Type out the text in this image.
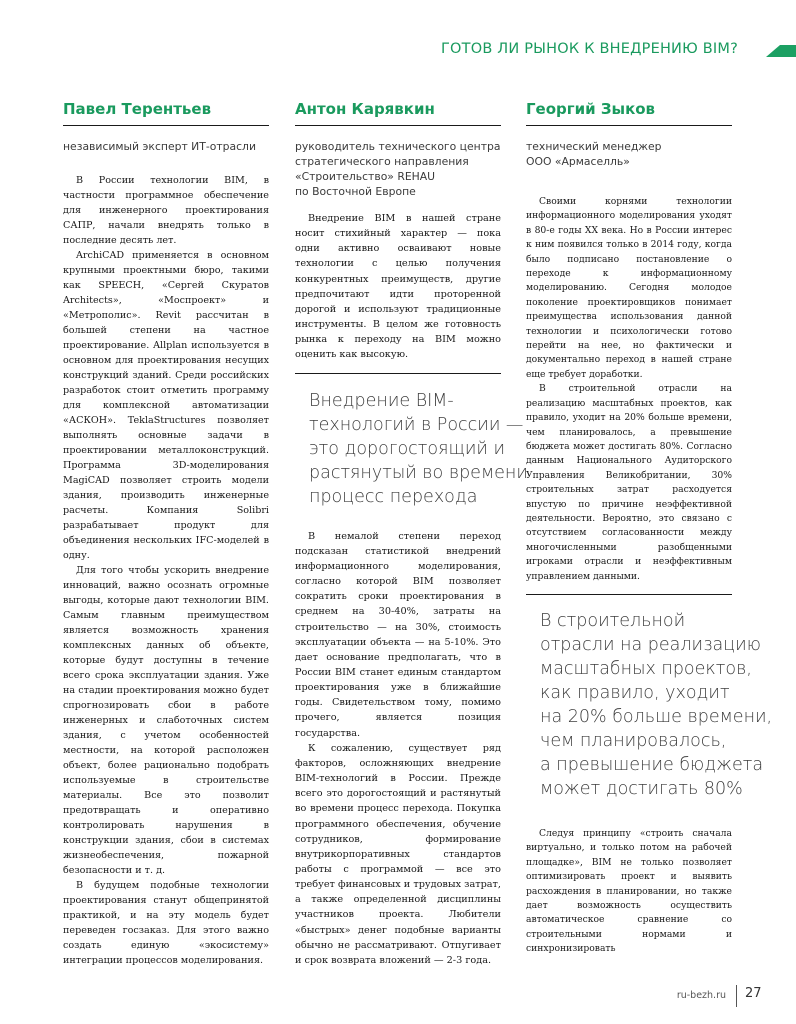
ГОТОВ ЛИ РЫНОК К ВНЕДРЕНИЮ BIM?
Павел Терентьев
независимый эксперт ИТ-отрасли

В России технологии BIM, в частности программное обеспечение для инженерного проектирования САПР, начали внедрять только в последние десять лет.

ArchiCAD применяется в основном крупными проектными бюро, такими как SPEECH, «Сергей Скуратов Architects», «Моспроект» и «Метрополис». Revit рассчитан в большей степени на частное проектирование. Allplan используется в основном для проектирования несущих конструкций зданий. Среди российских разработок стоит отметить программу для комплексной автоматизации «АСКОН». TeklaStructures позволяет выполнять основные задачи в проектировании металлоконструкций. Программа 3D-моделирования MagiCAD позволяет строить модели здания, производить инженерные расчеты. Компания Solibri разрабатывает продукт для объединения нескольких IFC-моделей в одну.

Для того чтобы ускорить внедрение инноваций, важно осознать огромные выгоды, которые дают технологии BIM. Самым главным преимуществом является возможность хранения комплексных данных об объекте, которые будут доступны в течение всего срока эксплуатации здания. Уже на стадии проектирования можно будет спрогнозировать сбои в работе инженерных и слаботочных систем здания, с учетом особенностей местности, на которой расположен объект, более рационально подобрать используемые в строительстве материалы. Все это позволит предотвращать и оперативно контролировать нарушения в конструкции здания, сбои в системах жизнеобеспечения, пожарной безопасности и т. д.

В будущем подобные технологии проектирования станут общепринятой практикой, и на эту модель будет переведен госзаказ. Для этого важно создать единую «экосистему» интеграции процессов моделирования.

Антон Карявкин
руководитель технического центра
стратегического направления
«Строительство» REHAU
по Восточной Европе

Внедрение BIM в нашей стране носит стихийный характер — пока одни активно осваивают новые технологии с целью получения конкурентных преимуществ, другие предпочитают идти проторенной дорогой и используют традиционные инструменты. В целом же готовность рынка к переходу на BIM можно оценить как высокую.

Внедрение BIM-
технологий в России —
это дорогостоящий и
растянутый во времени
процесс перехода

В немалой степени переход подсказан статистикой внедрений информационного моделирования, согласно которой BIM позволяет сократить сроки проектирования в среднем на 30-40%, затраты на строительство — на 30%, стоимость эксплуатации объекта — на 5-10%. Это дает основание предполагать, что в России BIM станет единым стандартом проектирования уже в ближайшие годы. Свидетельством тому, помимо прочего, является позиция государства.

К сожалению, существует ряд факторов, осложняющих внедрение BIM-технологий в России. Прежде всего это дорогостоящий и растянутый во времени процесс перехода. Покупка программного обеспечения, обучение сотрудников, формирование внутрикорпоративных стандартов работы с программой — все это требует финансовых и трудовых затрат, а также определенной дисциплины участников проекта. Любители «быстрых» денег подобные варианты обычно не рассматривают. Отпугивает и срок возврата вложений — 2-3 года.

Георгий Зыков
технический менеджер
ООО «Армаселль»

Своими корнями технологии информационного моделирования уходят в 80-е годы XX века. Но в России интерес к ним появился только в 2014 году, когда было подписано постановление о переходе к информационному моделированию. Сегодня молодое поколение проектировщиков понимает преимущества использования данной технологии и психологически готово перейти на нее, но фактически и документально переход в нашей стране еще требует доработки.

В строительной отрасли на реализацию масштабных проектов, как правило, уходит на 20% больше времени, чем планировалось, а превышение бюджета может достигать 80%. Согласно данным Национального Аудиторского Управления Великобритании, 30% строительных затрат расходуется впустую по причине неэффективной деятельности. Вероятно, это связано с отсутствием согласованности между многочисленными разобщенными игроками отрасли и неэффективным управлением данными.

В строительной
отрасли на реализацию
масштабных проектов,
как правило, уходит
на 20% больше времени,
чем планировалось,
а превышение бюджета
может достигать 80%

Следуя принципу «строить сначала виртуально, и только потом на рабочей площадке», BIM не только позволяет оптимизировать проект и выявить расхождения в планировании, но также дает возможность осуществить автоматическое сравнение со строительными нормами и синхронизировать

ru-bezh.ru 27
